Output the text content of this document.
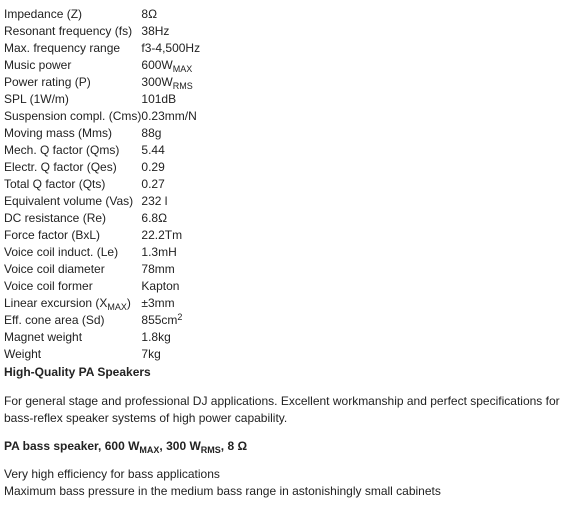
Impedance (Z)	8Ω
Resonant frequency (fs)	38Hz
Max. frequency range	f3-4,500Hz
Music power	$600W_{MAX}$
Power rating (P)	$300W_{RMS}$
SPL (1W/m)	101dB
Suspension compl. (Cms)	0.23mm/N
Moving mass (Mms)	88g
Mech. Q factor (Qms)	5.44
Electr. Q factor (Qes)	0.29
Total Q factor (Qts)	0.27
Equivalent volume (Vas)	232 l
DC resistance (Re)	6.8Ω
Force factor (BxL)	22.2Tm
Voice coil induct. (Le)	1.3mH
Voice coil diameter	78mm
Voice coil former	Kapton
Linear excursion $(X_{MAX})$	±3mm
Eff. cone area (Sd)	$855cm^2$
Magnet weight	1.8kg
Weight	7kg
High-Quality PA Speakers

For general stage and professional DJ applications. Excellent workmanship and perfect specifications for bass-reflex speaker systems of high power capability.

PA bass speaker, 600 $W_{MAX}$, 300 $W_{RMS}$, 8 Ω
Very high efficiency for bass applications
Maximum bass pressure in the medium bass range in astonishingly small cabinets
